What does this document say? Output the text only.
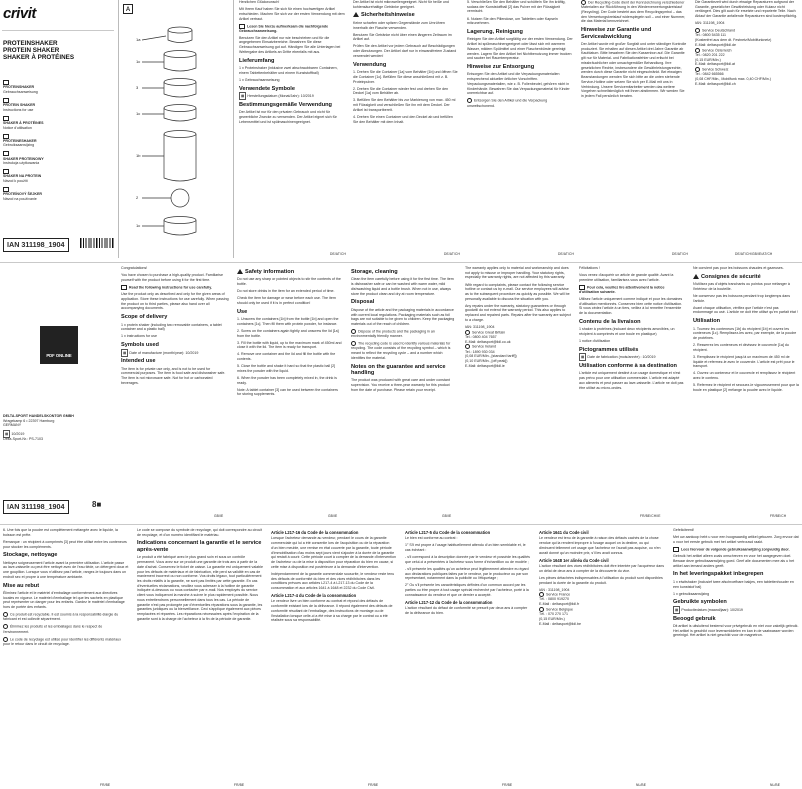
crivit
PROTEINSHAKER
PROTEIN SHAKER
SHAKER À PROTÉINES
PROTEINSHAKER
Gebrauchsanweisung
PROTEIN SHAKER
Instructions for use
SHAKER À PROTÉINES
Notice d'utilisation
PROTEINESHAKER
Gebruiksaanwijzing
SHAKER PROTEINOWY
Instrukcja użytkowania
SHAKER NA PROTEIN
Návod k použití
PROTEÍNOVÝ ŠEJKER
Návod na používanie
IAN 311198_1904
A
1a
1c
3
1c
1b
2
1c

Herzlichen Glückwunsch!

Mit Ihrem Kauf haben Sie sich für einen hochwertigen Artikel entschieden. Machen Sie sich vor der ersten Verwendung mit dem Artikel vertraut.

Lesen Sie hierzu aufmerksam die nachfolgende Gebrauchsanweisung.

Benutzen Sie den Artikel nur wie beschrieben und für die angegebenen Einsatzbereiche. Bewahren Sie diese Gebrauchsanweisung gut auf. Händigen Sie alle Unterlagen bei Weitergabe des Artikels an Dritte ebenfalls mit aus.

Lieferumfang

1 x Proteinshaker (inklusive zwei abschraubbaren Containern, einem Tablettenbehälter und einem Kunststoffball)

1 x Gebrauchsanweisung

Verwendete Symbole

▦ Herstellungsdatum (Monat/Jahr): 10/2019

Bestimmungsgemäße Verwendung

Der Artikel ist nur für den privaten Gebrauch und nicht für gewerbliche Zwecke zu verwenden. Der Artikel eignet sich für Lebensmittel und ist spülmaschinengeeignet.

Der Artikel ist nicht mikrowellengeeignet. Nicht für heiße und kohlensäurehaltige Getränke geeignet.

Sicherheitshinweise

Keine scharfen oder spitzen Gegenstände zum Umrühren innerhalb der Flasche verwenden.

Benutzen Sie Getränke nicht über einen längeren Zeitraum im Artikel auf.

Prüfen Sie den Artikel vor jedem Gebrauch auf Beschädigungen oder Abnutzungen. Der Artikel darf nur in einwandfreiem Zustand verwendet werden!

Verwendung

1. Drehen Sie die Container [1a] vom Behälter [1b] und öffnen Sie die Container [1c]. Befüllen Sie diese anschließend mit z. B. Proteinpulver.

2. Drehen Sie die Container wieder fest und drehen Sie den Deckel [1a] vom Behälter ab.

3. Befüllen Sie den Behälter bis zur Markierung von max. 450 ml mit Flüssigkeit und verschließen Sie ihn mit dem Deckel. Der Artikel ist transportbereit.

4. Drehen Sie einen Container und den Deckel ab und befüllen Sie den Behälter mit dem Inhalt.

5. Verschließen Sie den Behälter und schütteln Sie ihn kräftig, sodass der Kunststoffball [2] das Pulver mit der Flüssigkeit vermischt.

6. Nutzen Sie den Pillendose, um Tabletten oder Kapseln mitzunehmen.

Lagerung, Reinigung

Reinigen Sie den Artikel sorgfältig vor der ersten Verwendung. Der Artikel ist spülmaschinengeeignet oder lässt sich mit warmem Wasser, mildem Spülmittel und einer Flaschenbürste gereinigt werden. Lagern Sie den Artikel bei Nichtbenutzung immer trocken und sauber bei Raumtemperatur.

Hinweise zur Entsorgung

Entsorgen Sie den Artikel und die Verpackungsmaterialien entsprechend aktueller örtlicher Vorschriften. Verpackungsmaterialien, wie z. B. Folienbeutel, gehören nicht in Kinderhände. Bewahren Sie das Verpackungsmaterial für Kinder unerreichbar auf.

Entsorgen Sie den Artikel und die Verpackung umweltschonend.

Der Recycling-Code dient der Kennzeichnung verschiedener Materialien zur Rückführung in den Wiederverwertungskreislauf (Recycling). Der Code besteht aus dem Recyclingsymbol – das den Verwertungskreislauf widerspiegeln soll – und einer Nummer, die das Material kennzeichnet.

Hinweise zur Garantie und Serviceabwicklung

Der Artikel wurde mit großer Sorgfalt und unter ständiger Kontrolle produziert. Sie erhalten auf diesen Artikel drei Jahre Garantie ab Kaufdatum. Bitte bewahren Sie den Kassenbon auf. Die Garantie gilt nur für Material- und Fabrikationsfehler und erlischt bei missbräuchlicher oder unsachgemäßer Behandlung. Ihre gesetzlichen Rechte, insbesondere die Gewährleistungsrechte, werden durch diese Garantie nicht eingeschränkt. Bei etwaigen Beanstandungen wenden Sie sich bitte an die unten stehende Service-Hotline oder setzen Sie sich per E-Mail mit uns in Verbindung. Unsere Servicemitarbeiter werden das weitere Vorgehen schnellstmöglich mit Ihnen abstimmen. Wir werden Sie in jedem Fall persönlich beraten.

Die Garantiezeit wird durch etwaige Reparaturen aufgrund der Garantie, gesetzlicher Gewährleistung oder Kulanz nicht verlängert. Dies gilt auch für ersetzte und reparierte Teile. Nach Ablauf der Garantie anfallende Reparaturen sind kostenpflichtig.

IAN: 311198_1904

Service Deutschland
Tel.: 0800 5435 111
(Kostenfrei aus dem dt. Festnetz/Mobilfunknetz)
E-Mail: deltasport@lidl.de
Service Österreich
Tel.: 0820 201 222
(0,15 EUR/Min.)
E-Mail: deltasport@lidl.at
Service Schweiz
Tel.: 0842 665566
(0,08 CHF/Min., Mobilfunk max. 0,40 CHF/Min.)
E-Mail: deltasport@lidl.ch
DE/AT/CH	DE/AT/CH	DE/AT/CH	DE/AT/CH	DE/AT/CH/GB/IE/AT/CH
PDF ONLINE
DELTA-SPORT HANDELSKONTOR GMBH
Wragekamp 6 • 22397 Hamburg
GERMANY
▦ 10/2019
Delta-Sport-Nr.: PS-7103
IAN 311198_1904	8■

Congratulations!

You have chosen to purchase a high-quality product. Familiarise yourself with the product before using it for the first time.

Read the following instructions for use carefully.

Use the product only as described and only for the given areas of application. Store these instructions for use carefully. When passing the product on to third parties, please also hand over all accompanying documents.

Scope of delivery

1 x protein shaker (including two removable containers, a tablet container and a plastic ball)

1 x instructions for use

Symbols used

▦ Date of manufacture (month/year): 10/2019

Intended use

The item is for private use only, and is not to be used for commercial purposes. The item is food safe and dishwasher safe. The item is not microwave safe. Not for hot or carbonated beverages.

Safety information

Do not use any sharp or pointed objects to stir the contents of the bottle.

Do not store drinks in the item for an extended period of time.

Check the item for damage or wear before each use. The item should only be used if it is in perfect condition!

Use

1. Unscrew the containers [1b] from the bottle [1b] and open the containers [1c]. Then fill them with protein powder, for instance.

2. Screw on the containers again tightly and unscrew the lid [1a] from the bottle.

3. Fill the bottle with liquid, up to the maximum mark of 450ml and close it with the lid. The item is ready for transport.

4. Remove one container and the lid and fill the bottle with the contents.

5. Close the bottle and shake it hard so that the plastic ball [2] mixes the powder with the liquid.

6. When the powder has been completely mixed in, the drink is ready.

Note: A tablet container [3] can be used between the containers for storing supplements.

Storage, cleaning

Clean the item carefully before using it for the first time. The item is dishwasher safe or can be washed with warm water, mild dishwashing liquid and a bottle brush. When not in use, always store the product clean and dry at room temperature.

Disposal

Dispose of the article and the packaging materials in accordance with current local regulations. Packaging materials such as foil bags are not suitable to be given to children. Keep the packaging materials out of the reach of children.

Dispose of the products and the packaging in an environmentally friendly manner.

The recycling code is used to identify various materials for recycling. The code consists of the recycling symbol – which is meant to reflect the recycling cycle – and a number which identifies the material.

Notes on the guarantee and service handling

The product was produced with great care and under constant supervision. You receive a three-year warranty for this product from the date of purchase. Please retain your receipt.

The warranty applies only to material and workmanship and does not apply to misuse or improper handling. Your statutory rights, especially the warranty rights, are not affected by this warranty.

With regard to complaints, please contact the following service hotline or contact us by e-mail. Our service employees will advise as to the subsequent procedure as quickly as possible. We will be personally available to discuss the situation with you.

Any repairs under the warranty, statutory guarantees or through goodwill do not extend the warranty period. This also applies to replaced and repaired parts. Repairs after the warranty are subject to a charge.

IAN: 311198_1904
Service Great Britain
Tel.: 0800 404 7657
E-Mail: deltasport@lidl.co.uk
Service Ireland
Tel.: 1890 930 034
(0,08 EUR/Min., [standard tariff])
(0,10 EUR/Min., [off peak])
E-Mail: deltasport@lidl.ie

Félicitations !

Vous venez d'acquérir un article de grande qualité. Avant la première utilisation, familiarisez-vous avec l'article.

Pour cela, veuillez lire attentivement la notice d'utilisation suivante.

Utilisez l'article uniquement comme indiqué et pour les domaines d'utilisation mentionnés. Conservez bien cette notice d'utilisation. Si vous cédez l'article à un tiers, veillez à lui remettre l'ensemble de la documentation.

Contenu de la livraison

1 shaker à protéines (incluant deux récipients amovibles, un récipient à comprimés et une boule en plastique)

1 notice d'utilisation

Pictogrammes utilisés

▦ Date de fabrication (mois/année) : 10/2019

Utilisation conforme à sa destination

L'article est uniquement destiné à un usage domestique et n'est pas prévu pour une utilisation commerciale. L'article est adapté aux aliments et peut passer au lave-vaisselle. L'article ne doit pas être utilisé au micro-ondes.

Ne convient pas pour les boissons chaudes et gazeuses.

Consignes de sécurité

N'utilisez pas d'objets tranchants ou pointus pour mélanger à l'intérieur de la bouteille.

Ne conservez pas les boissons pendant trop longtemps dans l'article.

Avant chaque utilisation, vérifiez que l'article n'est pas endommagé ou usé. L'article ne doit être utilisé qu'en parfait état !

Utilisation

1. Tournez les conteneurs [1b] du récipient [1b] et ouvrez les conteneurs [1c]. Remplissez-les avec, par exemple, de la poudre de protéines.

2. Resserrez les conteneurs et dévissez le couvercle [1a] du récipient.

3. Remplissez le récipient jusqu'à un maximum de 450 ml de liquide et refermez-le avec le couvercle. L'article est prêt pour le transport.

4. Ouvrez un conteneur et le couvercle et remplissez le récipient avec le contenu.

5. Refermez le récipient et secouez-le vigoureusement pour que la boule en plastique [2] mélange la poudre avec le liquide.

GB/IE	GB/IE	GB/IE	FR/BE/CH/IE	FR/BE/CH

6. Une fois que la poudre est complètement mélangée avec le liquide, la boisson est prête.

Remarque : un récipient à comprimés [3] peut être utilisé entre les conteneurs pour stocker les compléments.

Stockage, nettoyage

Nettoyez soigneusement l'article avant la première utilisation. L'article passe au lave-vaisselle ou peut être nettoyé avec de l'eau tiède, un détergent doux et une goupillon. Lorsque vous n'utilisez pas l'article, rangez-le toujours dans un endroit sec et propre à une température ambiante.

Mise au rebut

Éliminez l'article et le matériel d'emballage conformément aux directives locales en vigueur. Le matériel d'emballage tel que les sachets en plastique peut représenter un danger pour les enfants. Gardez le matériel d'emballage hors de portée des enfants.

Ce produit est recyclable. Il est soumis à la responsabilité élargie du fabricant et est collecté séparément.

Éliminez les produits et les emballages dans le respect de l'environnement.

Le code de recyclage est utilisé pour identifier les différents matériaux pour le retour dans le circuit de recyclage.

Le code se compose du symbole de recyclage, qui doit correspondre au circuit de recyclage, et d'un numéro identifiant le matériau.

Indications concernant la garantie et le service après-vente

Le produit a été fabriqué avec le plus grand soin et sous un contrôle permanent. Vous avez sur ce produit une garantie de trois ans à partir de la date d'achat. Conservez le ticket de caisse. La garantie est uniquement valable pour les défauts de matériaux et de fabrication, elle perd sa validité en cas de maniement incorrect ou non conforme. Vos droits légaux, tout particulièrement les droits relatifs à la garantie, ne sont pas limités par cette garantie. En cas d'éventuelles réclamations, veuillez vous adresser à la hotline de garantie indiquée ci-dessous ou nous contacter par e-mail. Nos employés du service client vous indiqueront la marche à suivre le plus rapidement possible. Nous nous entretiendrons personnellement dans tous les cas. La période de garantie n'est pas prolongée par d'éventuelles réparations sous la garantie, les garanties juridiques ou la bienveillance. Ceci s'applique également aux pièces remplacées et réparées. Les réparations nécessaires après l'expiration de la garantie sont à la charge de l'acheteur à la fin de la période de garantie.

Article L217-16 du Code de la consommation

Lorsque l'acheteur demande au vendeur, pendant le cours de la garantie commerciale qui lui a été consentie lors de l'acquisition ou de la réparation d'un bien meuble, une remise en état couverte par la garantie, toute période d'immobilisation d'au moins sept jours vient s'ajouter à la durée de la garantie qui restait à courir. Cette période court à compter de la demande d'intervention de l'acheteur ou de la mise à disposition pour réparation du bien en cause, si cette mise à disposition est postérieure à la demande d'intervention.

Indépendamment de la garantie commerciale souscrite, le vendeur reste tenu des défauts de conformité du bien et des vices rédhibitoires dans les conditions prévues aux articles L217-4 à L217-13 du Code de la consommation et aux articles 1641 à 1648 et 2232 du Code Civil.

Article L217-4 du Code de la consommation

Le vendeur livre un bien conforme au contrat et répond des défauts de conformité existant lors de la délivrance. Il répond également des défauts de conformité résultant de l'emballage, des instructions de montage ou de l'installation lorsque celle-ci a été mise à sa charge par le contrat ou a été réalisée sous sa responsabilité.

Article L217-5 du Code de la consommation

Le bien est conforme au contrat :

1° S'il est propre à l'usage habituellement attendu d'un bien semblable et, le cas échéant :

- s'il correspond à la description donnée par le vendeur et possède les qualités que celui-ci a présentées à l'acheteur sous forme d'échantillon ou de modèle ;

- s'il présente les qualités qu'un acheteur peut légitimement attendre eu égard aux déclarations publiques faites par le vendeur, par le producteur ou par son représentant, notamment dans la publicité ou l'étiquetage ;

2° Ou s'il présente les caractéristiques définies d'un commun accord par les parties ou être propre à tout usage spécial recherché par l'acheteur, porté à la connaissance du vendeur et que ce dernier a accepté.

Article L217-12 du Code de la consommation

L'action résultant du défaut de conformité se prescrit par deux ans à compter de la délivrance du bien.

Article 1641 du Code civil

Le vendeur est tenu de la garantie à raison des défauts cachés de la chose vendue qui la rendent impropre à l'usage auquel on la destine, ou qui diminuent tellement cet usage que l'acheteur ne l'aurait pas acquise, ou n'en aurait donné qu'un moindre prix, s'il les avait connus.

Article 1648 1er alinéa du Code civil

L'action résultant des vices rédhibitoires doit être intentée par l'acquéreur dans un délai de deux ans à compter de la découverte du vice.

Les pièces détachées indispensables à l'utilisation du produit sont disponibles pendant la durée de la garantie du produit.

IAN : 311198_1904
Service France
Tél. : 0800 919270
E-Mail : deltasport@lidl.fr
Service Belgique
Tél. : 070 270 171
(0,15 EUR/Min.)
E-Mail : deltasport@lidl.be

Gefeliciteerd!

Met uw aankoop hebt u voor een hoogwaardig artikel gekozen. Zorg ervoor dat u voor het eerste gebruik met het artikel vertrouwd raakt.

Lees hiervoor de volgende gebruiksaanwijzing zorgvuldig door.

Gebruik het artikel alleen zoals omschreven en voor het aangegeven doel. Bewaar deze gebruiksaanwijzing goed. Geef alle documenten mee als u het artikel aan iemand anders geeft.

In het leveringspakket inbegrepen

1 x eiwitshaker (inclusief twee afschroefbare bakjes, een tablettenhouder en een kunststof bal)

1 x gebruiksaanwijzing

Gebruikte symbolen

▦ Productiedatum (maand/jaar): 10/2019

Beoogd gebruik

Dit artikel is uitsluitend bestemd voor privégebruik en niet voor zakelijk gebruik. Het artikel is geschikt voor levensmiddelen en kan in de vaatwasser worden gereinigd. Het artikel is niet geschikt voor de magnetron.

FR/BE	FR/BE	FR/BE	FR/BE	NL/BE	NL/BE
